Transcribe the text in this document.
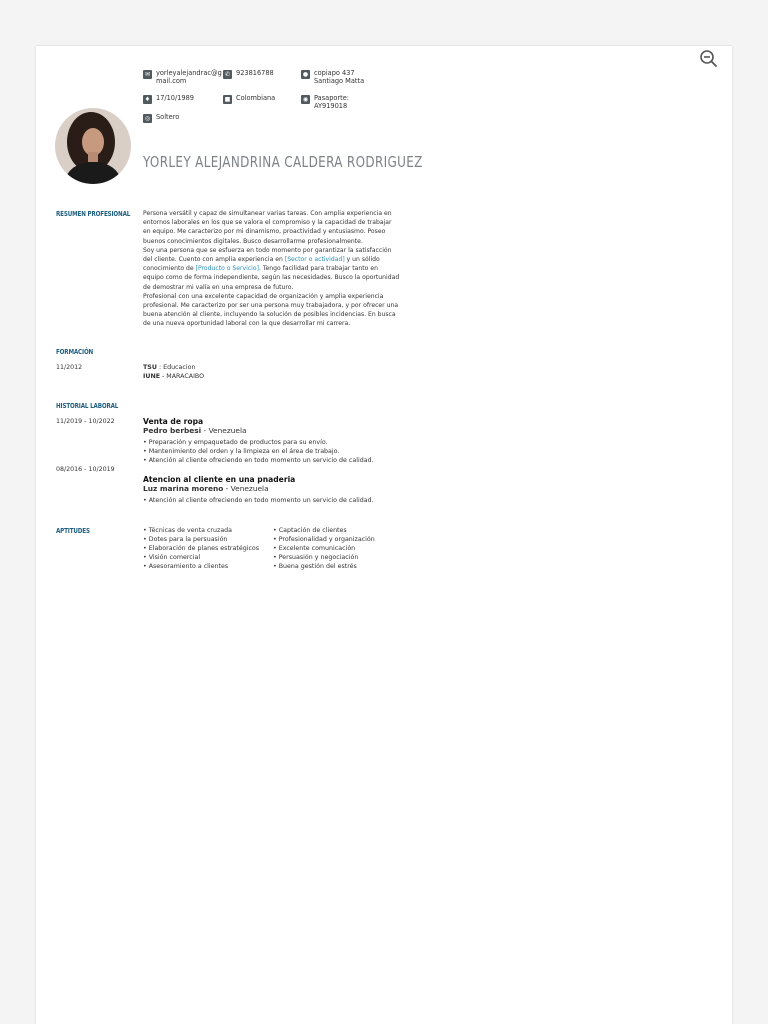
✉ yorleyalejandrac@gmail.com
✆ 923816788	● copiapo 437 Santiago Matta
♦ 17/10/1989	■ Colombiana	◉ Pasaporte: AY919018
◎ Soltero
YORLEY ALEJANDRINA CALDERA RODRIGUEZ
RESUMEN PROFESIONAL Persona versátil y capaz de simultanear varias tareas. Con amplia experiencia en
entornos laborales en los que se valora el compromiso y la capacidad de trabajar
en equipo. Me caracterizo por mi dinamismo, proactividad y entusiasmo. Poseo
buenos conocimientos digitales. Busco desarrollarme profesionalmente.
Soy una persona que se esfuerza en todo momento por garantizar la satisfacción
del cliente. Cuento con amplia experiencia en [Sector o actividad] y un sólido
conocimiento de [Producto o Servicio]. Tengo facilidad para trabajar tanto en
equipo como de forma independiente, según las necesidades. Busco la oportunidad
de demostrar mi valía en una empresa de futuro.
Profesional con una excelente capacidad de organización y amplia experiencia
profesional. Me caracterizo por ser una persona muy trabajadora, y por ofrecer una
buena atención al cliente, incluyendo la solución de posibles incidencias. En busca
de una nueva oportunidad laboral con la que desarrollar mi carrera.
FORMACIÓN
11/2012	TSU : Educacion
IUNE - MARACAIBO
HISTORIAL LABORAL
11/2019 - 10/2022	Venta de ropa
Pedro berbesi - Venezuela
• Preparación y empaquetado de productos para su envío.
• Mantenimiento del orden y la limpieza en el área de trabajo.
• Atención al cliente ofreciendo en todo momento un servicio de calidad.
08/2016 - 10/2019
Atencion al cliente en una pnaderia
Luz marina moreno - Venezuela
• Atención al cliente ofreciendo en todo momento un servicio de calidad.
APTITUDES
•	Técnicas de venta cruzada
• Dotes para la persuasión
• Elaboración de planes estratégicos
• Visión comercial
• Asesoramiento a clientes
• Captación de clientes
• Profesionalidad y organización
• Excelente comunicación
• Persuasión y negociación
• Buena gestión del estrés
